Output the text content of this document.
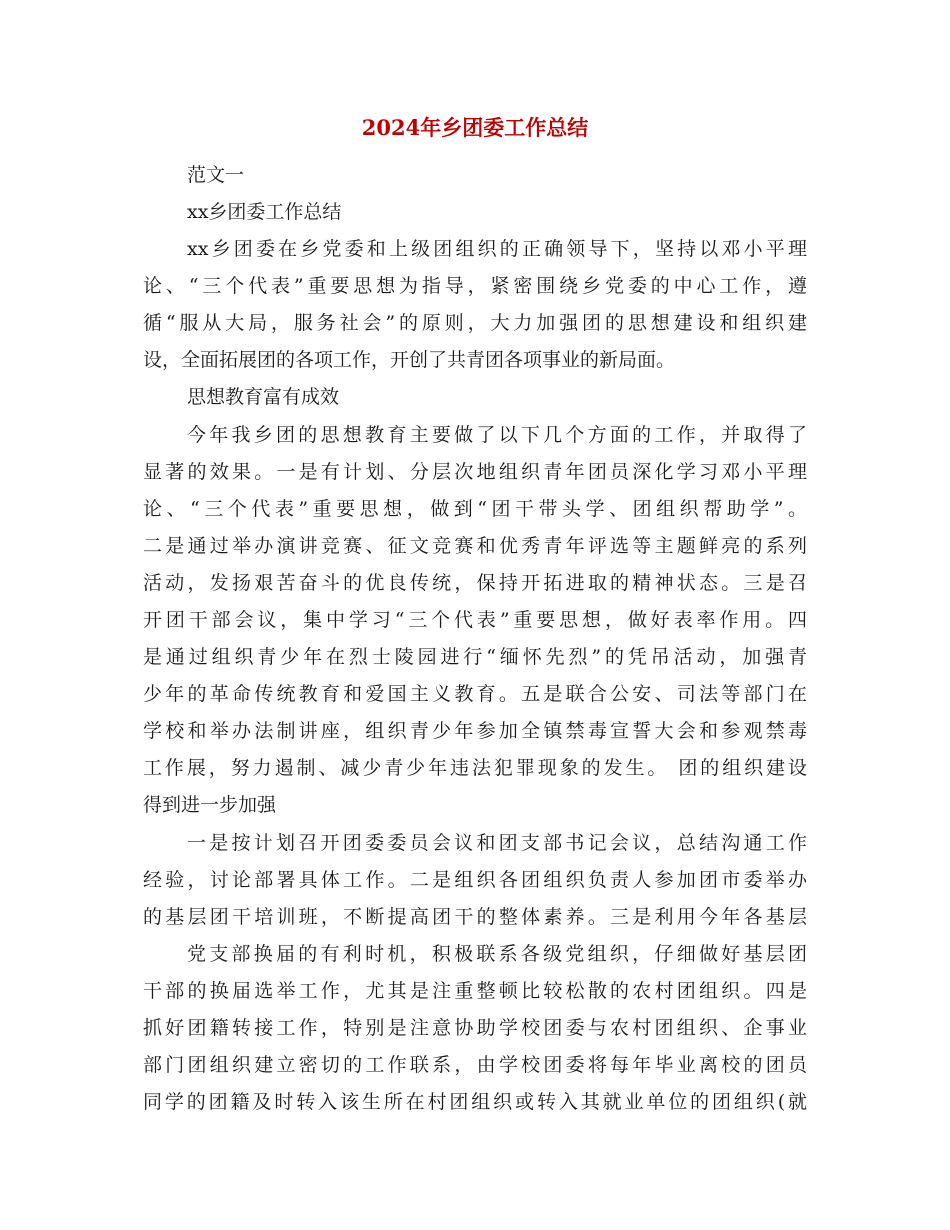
2024年乡团委工作总结
范文一
xx乡团委工作总结
xx乡团委在乡党委和上级团组织的正确领导下，坚持以邓小平理
论、“三个代表”重要思想为指导，紧密围绕乡党委的中心工作，遵
循“服从大局，服务社会”的原则，大力加强团的思想建设和组织建
设，全面拓展团的各项工作，开创了共青团各项事业的新局面。
思想教育富有成效
今年我乡团的思想教育主要做了以下几个方面的工作，并取得了
显著的效果。一是有计划、分层次地组织青年团员深化学习邓小平理
论、“三个代表”重要思想，做到“团干带头学、团组织帮助学”。
二是通过举办演讲竞赛、征文竞赛和优秀青年评选等主题鲜亮的系列
活动，发扬艰苦奋斗的优良传统，保持开拓进取的精神状态。三是召
开团干部会议，集中学习“三个代表”重要思想，做好表率作用。四
是通过组织青少年在烈士陵园进行“缅怀先烈”的凭吊活动，加强青
少年的革命传统教育和爱国主义教育。五是联合公安、司法等部门在
学校和举办法制讲座，组织青少年参加全镇禁毒宣誓大会和参观禁毒
工作展，努力遏制、减少青少年违法犯罪现象的发生。 团的组织建设
得到进一步加强
一是按计划召开团委委员会议和团支部书记会议，总结沟通工作
经验，讨论部署具体工作。二是组织各团组织负责人参加团市委举办
的基层团干培训班，不断提高团干的整体素养。三是利用今年各基层
党支部换届的有利时机，积极联系各级党组织，仔细做好基层团
干部的换届选举工作，尤其是注重整顿比较松散的农村团组织。四是
抓好团籍转接工作，特别是注意协助学校团委与农村团组织、企事业
部门团组织建立密切的工作联系，由学校团委将每年毕业离校的团员
同学的团籍及时转入该生所在村团组织或转入其就业单位的团组织(就
